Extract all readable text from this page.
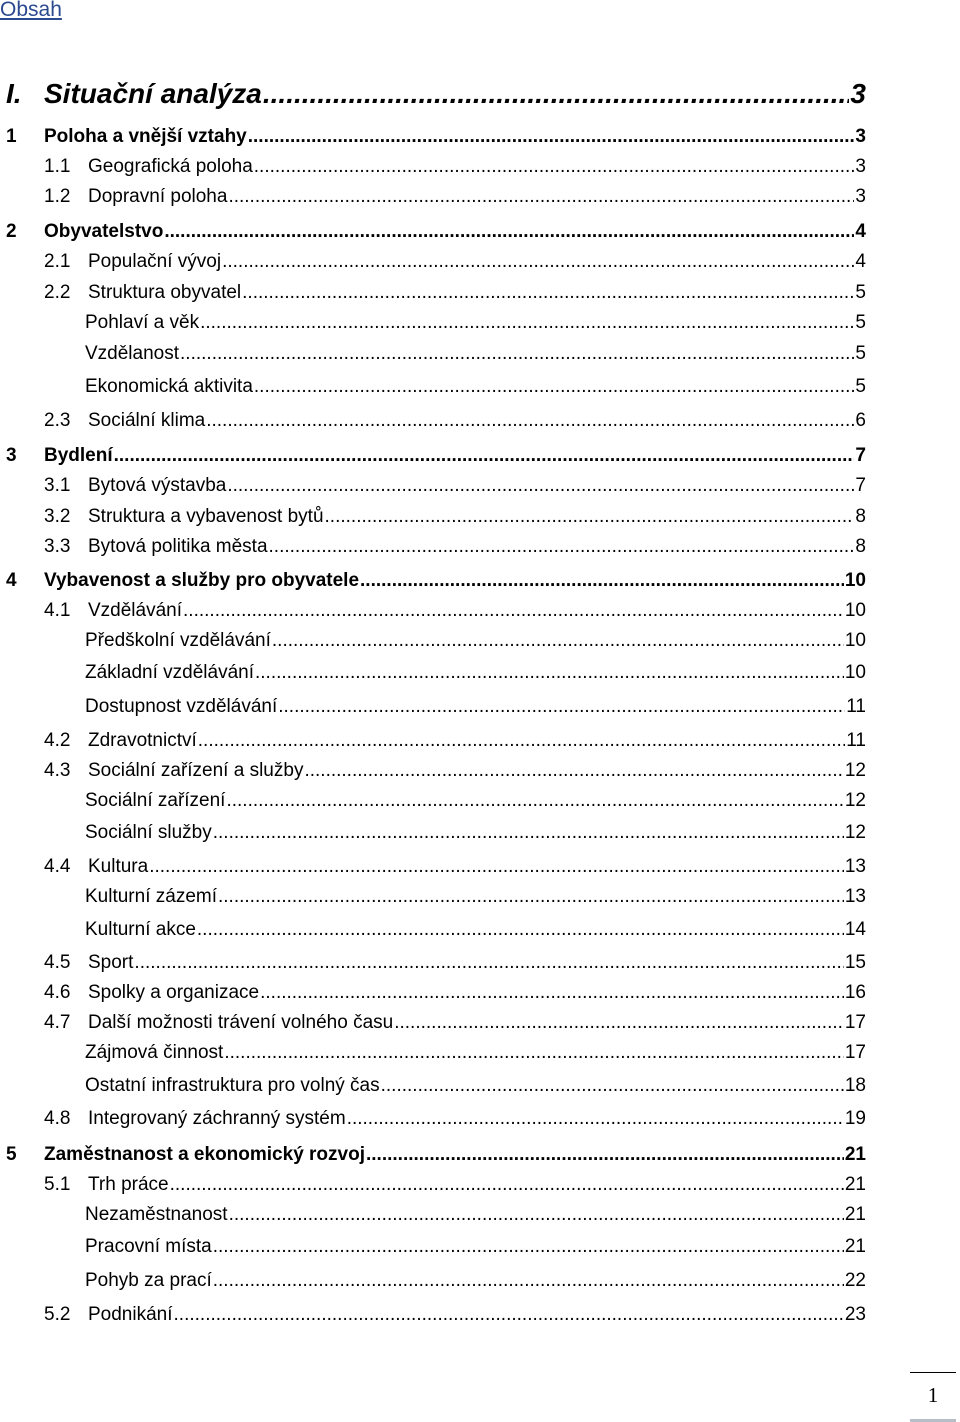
Obsah
I. Situační analýza .....	3
1	Poloha a vnější vztahy .....	3
1.1 Geografická poloha .....	3
1.2 Dopravní poloha .....	3
2	Obyvatelstvo .....	4
2.1 Populační vývoj .....	4
2.2 Struktura obyvatel .....	5
Pohlaví a věk .....	5
Vzdělanost .....	5
Ekonomická aktivita .....	5
2.3 Sociální klima .....	6
3	Bydlení .....	7
3.1 Bytová výstavba .....	7
3.2 Struktura a vybavenost bytů .....	8
3.3 Bytová politika města .....	8
4	Vybavenost a služby pro obyvatele .....	10
4.1 Vzdělávání .....	10
Předškolní vzdělávání .....	10
Základní vzdělávání .....	10
Dostupnost vzdělávání .....	11
4.2 Zdravotnictví .....	11
4.3 Sociální zařízení a služby .....	12
Sociální zařízení .....	12
Sociální služby .....	12
4.4 Kultura .....	13
Kulturní zázemí .....	13
Kulturní akce .....	14
4.5 Sport .....	15
4.6 Spolky a organizace .....	16
4.7 Další možnosti trávení volného času .....	17
Zájmová činnost .....	17
Ostatní infrastruktura pro volný čas .....	18
4.8 Integrovaný záchranný systém .....	19
5	Zaměstnanost a ekonomický rozvoj .....	21
5.1 Trh práce .....	21
Nezaměstnanost .....	21
Pracovní místa .....	21
Pohyb za prací .....	22
5.2 Podnikání .....	23
1
